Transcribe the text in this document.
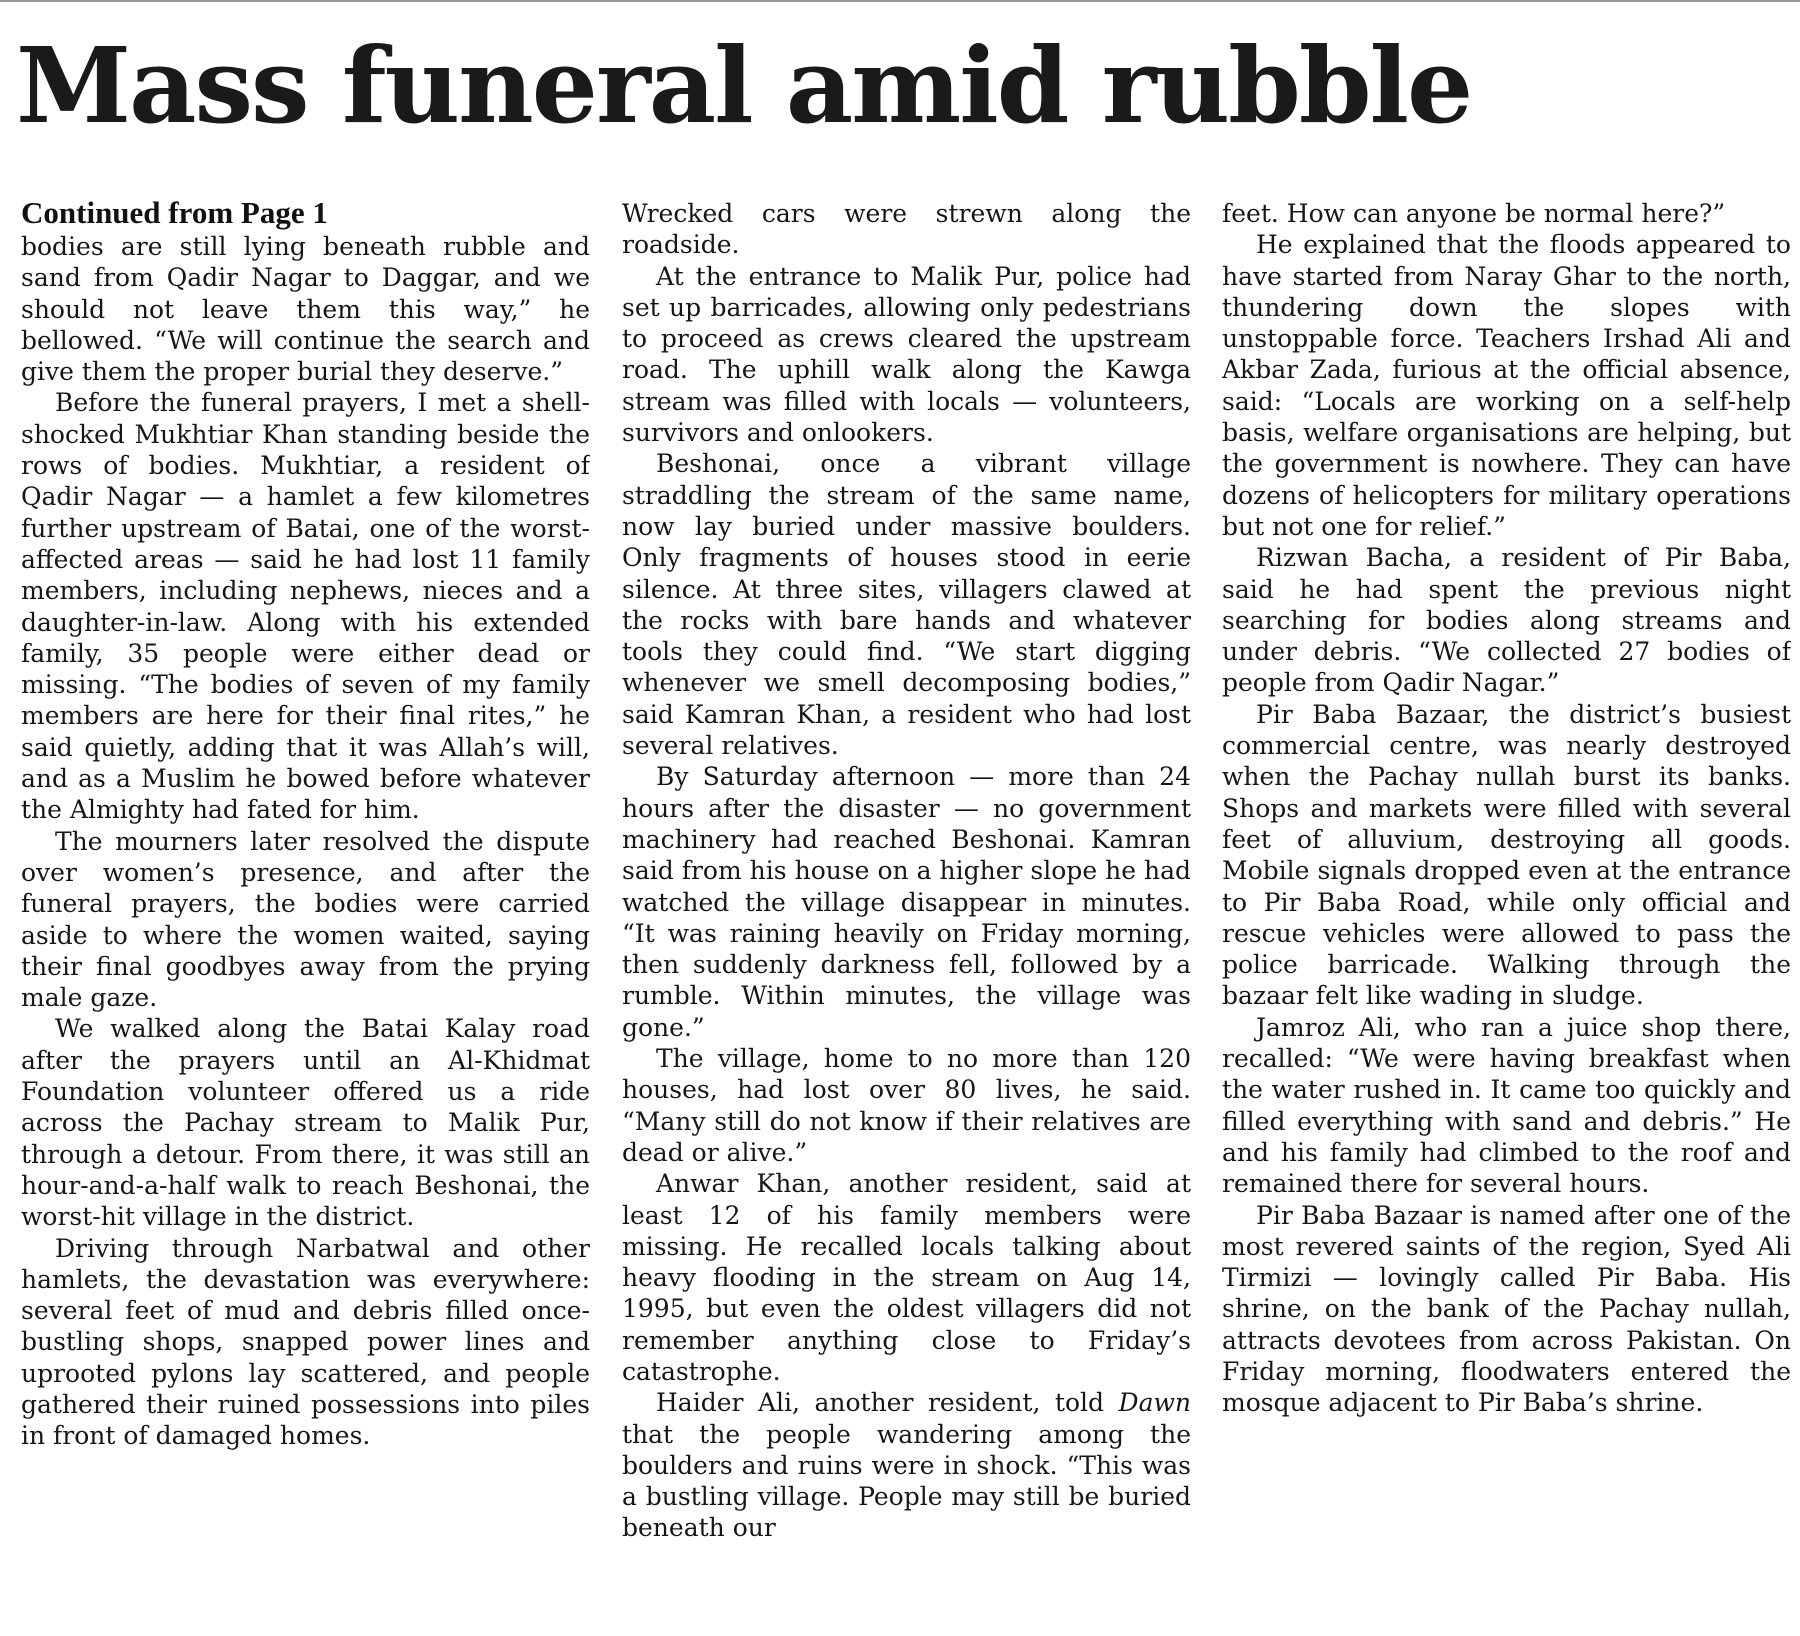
Mass funeral amid rubble

Continued from Page 1

bodies are still lying beneath rubble and sand from Qadir Nagar to Daggar, and we should not leave them this way,” he bellowed. “We will continue the search and give them the proper burial they deserve.”

Before the funeral prayers, I met a shell-shocked Mukhtiar Khan standing beside the rows of bodies. Mukhtiar, a resident of Qadir Nagar — a hamlet a few kilometres further upstream of Batai, one of the worst-affected areas — said he had lost 11 family members, including nephews, nieces and a daughter-in-law. Along with his extended family, 35 people were either dead or missing. “The bodies of seven of my family members are here for their final rites,” he said quietly, adding that it was Allah’s will, and as a Muslim he bowed before whatever the Almighty had fated for him.

The mourners later resolved the dispute over women’s presence, and after the funeral prayers, the bodies were carried aside to where the women waited, saying their final goodbyes away from the prying male gaze.

We walked along the Batai Kalay road after the prayers until an Al-Khidmat Foundation volunteer offered us a ride across the Pachay stream to Malik Pur, through a detour. From there, it was still an hour-and-a-half walk to reach Beshonai, the worst-hit village in the district.

Driving through Narbatwal and other hamlets, the devastation was everywhere: several feet of mud and debris filled once-bustling shops, snapped power lines and uprooted pylons lay scattered, and people gathered their ruined possessions into piles in front of damaged homes.

Wrecked cars were strewn along the roadside.

At the entrance to Malik Pur, police had set up barricades, allowing only pedestrians to proceed as crews cleared the upstream road. The uphill walk along the Kawga stream was filled with locals — volunteers, survivors and onlookers.

Beshonai, once a vibrant village straddling the stream of the same name, now lay buried under massive boulders. Only fragments of houses stood in eerie silence. At three sites, villagers clawed at the rocks with bare hands and whatever tools they could find. “We start digging whenever we smell decomposing bodies,” said Kamran Khan, a resident who had lost several relatives.

By Saturday afternoon — more than 24 hours after the disaster — no government machinery had reached Beshonai. Kamran said from his house on a higher slope he had watched the village disappear in minutes. “It was raining heavily on Friday morning, then suddenly darkness fell, followed by a rumble. Within minutes, the village was gone.”

The village, home to no more than 120 houses, had lost over 80 lives, he said. “Many still do not know if their relatives are dead or alive.”

Anwar Khan, another resident, said at least 12 of his family members were missing. He recalled locals talking about heavy flooding in the stream on Aug 14, 1995, but even the oldest villagers did not remember anything close to Friday’s catastrophe.

Haider Ali, another resident, told Dawn that the people wandering among the boulders and ruins were in shock. “This was a bustling village. People may still be buried beneath our

feet. How can anyone be normal here?”

He explained that the floods appeared to have started from Naray Ghar to the north, thundering down the slopes with unstoppable force. Teachers Irshad Ali and Akbar Zada, furious at the official absence, said: “Locals are working on a self-help basis, welfare organisations are helping, but the government is nowhere. They can have dozens of helicopters for military operations but not one for relief.”

Rizwan Bacha, a resident of Pir Baba, said he had spent the previous night searching for bodies along streams and under debris. “We collected 27 bodies of people from Qadir Nagar.”

Pir Baba Bazaar, the district’s busiest commercial centre, was nearly destroyed when the Pachay nullah burst its banks. Shops and markets were filled with several feet of alluvium, destroying all goods. Mobile signals dropped even at the entrance to Pir Baba Road, while only official and rescue vehicles were allowed to pass the police barricade. Walking through the bazaar felt like wading in sludge.

Jamroz Ali, who ran a juice shop there, recalled: “We were having breakfast when the water rushed in. It came too quickly and filled everything with sand and debris.” He and his family had climbed to the roof and remained there for several hours.

Pir Baba Bazaar is named after one of the most revered saints of the region, Syed Ali Tirmizi — lovingly called Pir Baba. His shrine, on the bank of the Pachay nullah, attracts devotees from across Pakistan. On Friday morning, floodwaters entered the mosque adjacent to Pir Baba’s shrine.
